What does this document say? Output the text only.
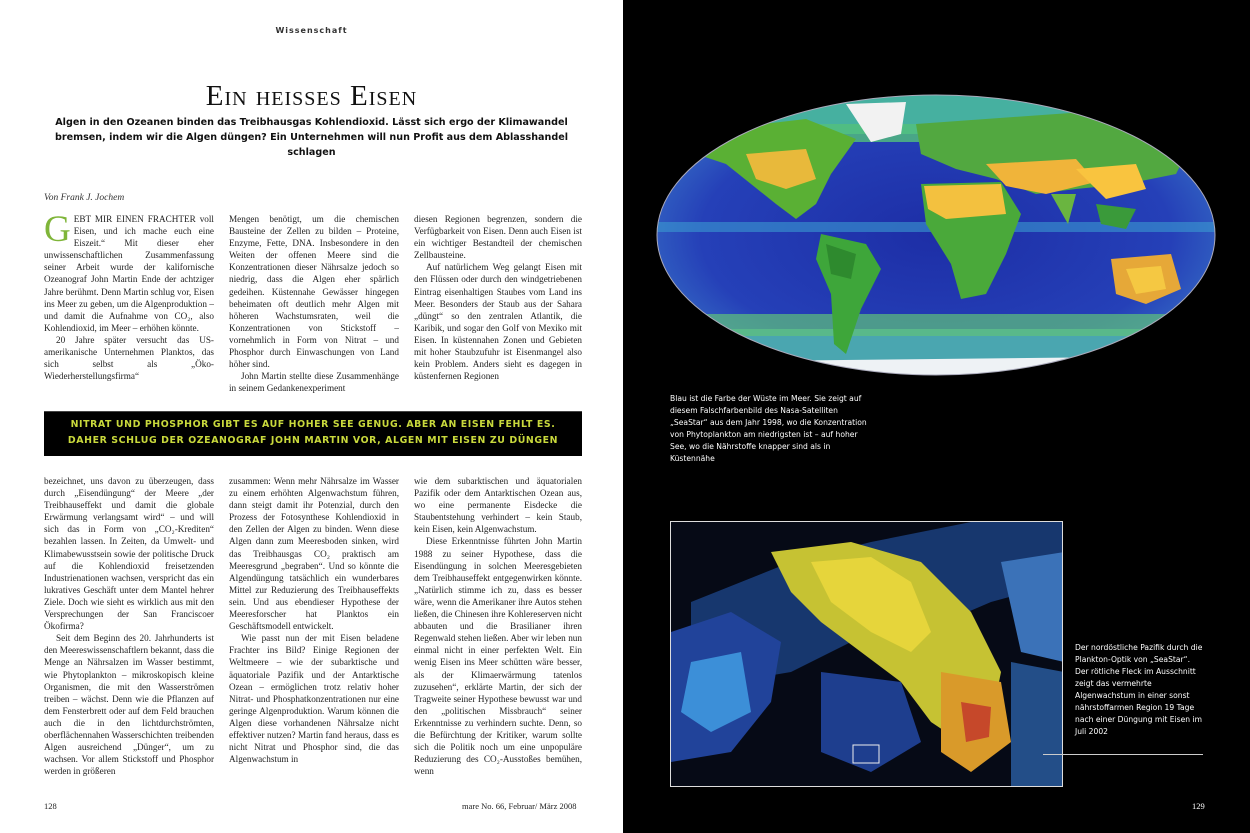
Wissenschaft
Ein heisses Eisen
Algen in den Ozeanen binden das Treibhausgas Kohlendioxid. Lässt sich ergo der Klimawandel bremsen, indem wir die Algen düngen? Ein Unternehmen will nun Profit aus dem Ablasshandel schlagen
Von Frank J. Jochem
G EBT MIR EINEN FRACHTER voll Eisen, und ich mache euch eine Eiszeit.“ Mit dieser eher unwissenschaftlichen Zusammenfassung seiner Arbeit wurde der kalifornische Ozeanograf John Martin Ende der achtziger Jahre berühmt. Denn Martin schlug vor, Eisen ins Meer zu geben, um die Algenproduktion – und damit die Aufnahme von CO₂, also Kohlendioxid, im Meer – erhöhen könnte.

20 Jahre später versucht das US-amerikanische Unternehmen Planktos, das sich selbst als „Öko-Wiederherstellungsfirma“

Mengen benötigt, um die chemischen Bausteine der Zellen zu bilden – Proteine, Enzyme, Fette, DNA. Insbesondere in den Weiten der offenen Meere sind die Konzentrationen dieser Nährsalze jedoch so niedrig, dass die Algen eher spärlich gedeihen. Küstennahe Gewässer hingegen beheimaten oft deutlich mehr Algen mit höheren Wachstumsraten, weil die Konzentrationen von Stickstoff – vornehmlich in Form von Nitrat – und Phosphor durch Einwaschungen von Land höher sind.

John Martin stellte diese Zusammenhänge in seinem Gedankenexperiment

diesen Regionen begrenzen, sondern die Verfügbarkeit von Eisen. Denn auch Eisen ist ein wichtiger Bestandteil der chemischen Zellbausteine.

Auf natürlichem Weg gelangt Eisen mit den Flüssen oder durch den windgetriebenen Eintrag eisenhaltigen Staubes vom Land ins Meer. Besonders der Staub aus der Sahara „düngt“ so den zentralen Atlantik, die Karibik, und sogar den Golf von Mexiko mit Eisen. In küstennahen Zonen und Gebieten mit hoher Staubzufuhr ist Eisenmangel also kein Problem. Anders sieht es dagegen in küstenfernen Regionen

NITRAT UND PHOSPHOR GIBT ES AUF HOHER SEE GENUG. ABER AN EISEN FEHLT ES.
DAHER SCHLUG DER OZEANOGRAF JOHN MARTIN VOR, ALGEN MIT EISEN ZU DÜNGEN

bezeichnet, uns davon zu überzeugen, dass durch „Eisendüngung“ der Meere „der Treibhauseffekt und damit die globale Erwärmung verlangsamt wird“ – und will sich das in Form von „CO₂-Krediten“ bezahlen lassen. In Zeiten, da Umwelt- und Klimabewusstsein sowie der politische Druck auf die Kohlendioxid freisetzenden Industrienationen wachsen, verspricht das ein lukratives Geschäft unter dem Mantel hehrer Ziele. Doch wie sieht es wirklich aus mit den Versprechungen der San Franciscoer Ökofirma?

Seit dem Beginn des 20. Jahrhunderts ist den Meereswissenschaftlern bekannt, dass die Menge an Nährsalzen im Wasser bestimmt, wie Phytoplankton – mikroskopisch kleine Organismen, die mit den Wasserströmen treiben – wächst. Denn wie die Pflanzen auf dem Fensterbrett oder auf dem Feld brauchen auch die in den lichtdurchströmten, oberflächennahen Wasserschichten treibenden Algen ausreichend „Dünger“, um zu wachsen. Vor allem Stickstoff und Phosphor werden in größeren

zusammen: Wenn mehr Nährsalze im Wasser zu einem erhöhten Algenwachstum führen, dann steigt damit ihr Potenzial, durch den Prozess der Fotosynthese Kohlendioxid in den Zellen der Algen zu binden. Wenn diese Algen dann zum Meeresboden sinken, wird das Treibhausgas CO₂ praktisch am Meeresgrund „begraben“. Und so könnte die Algendüngung tatsächlich ein wunderbares Mittel zur Reduzierung des Treibhauseffekts sein. Und aus ebendieser Hypothese der Meeresforscher hat Planktos ein Geschäftsmodell entwickelt.

Wie passt nun der mit Eisen beladene Frachter ins Bild? Einige Regionen der Weltmeere – wie der subarktische und äquatoriale Pazifik und der Antarktische Ozean – ermöglichen trotz relativ hoher Nitrat- und Phosphatkonzentrationen nur eine geringe Algenproduktion. Warum können die Algen diese vorhandenen Nährsalze nicht effektiver nutzen? Martin fand heraus, dass es nicht Nitrat und Phosphor sind, die das Algenwachstum in

wie dem subarktischen und äquatorialen Pazifik oder dem Antarktischen Ozean aus, wo eine permanente Eisdecke die Staubentstehung verhindert – kein Staub, kein Eisen, kein Algenwachstum.

Diese Erkenntnisse führten John Martin 1988 zu seiner Hypothese, dass die Eisendüngung in solchen Meeresgebieten dem Treibhauseffekt entgegenwirken könnte. „Natürlich stimme ich zu, dass es besser wäre, wenn die Amerikaner ihre Autos stehen ließen, die Chinesen ihre Kohlereserven nicht abbauten und die Brasilianer ihren Regenwald stehen ließen. Aber wir leben nun einmal nicht in einer perfekten Welt. Ein wenig Eisen ins Meer schütten wäre besser, als der Klimaerwärmung tatenlos zuzusehen“, erklärte Martin, der sich der Tragweite seiner Hypothese bewusst war und den „politischen Missbrauch“ seiner Erkenntnisse zu verhindern suchte. Denn, so die Befürchtung der Kritiker, warum sollte sich die Politik noch um eine unpopuläre Reduzierung des CO₂-Ausstoßes bemühen, wenn

128	mare No. 66, Februar/ März 2008
Blau ist die Farbe der Wüste im Meer. Sie zeigt auf diesem Falschfarbenbild des Nasa-Satelliten „SeaStar“ aus dem Jahr 1998, wo die Konzentration von Phytoplankton am niedrigsten ist – auf hoher See, wo die Nährstoffe knapper sind als in Küstennähe
Der nordöstliche Pazifik durch die Plankton-Optik von „SeaStar“. Der rötliche Fleck im Ausschnitt zeigt das vermehrte Algenwachstum in einer sonst nährstoffarmen Region 19 Tage nach einer Düngung mit Eisen im Juli 2002
129
